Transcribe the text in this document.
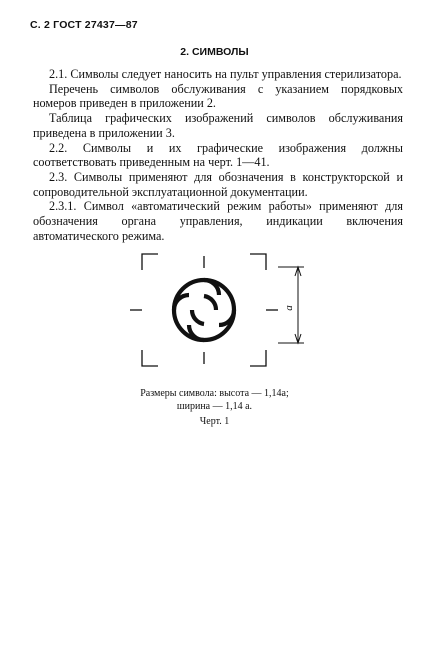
С. 2 ГОСТ 27437—87
2. СИМВОЛЫ

2.1. Символы следует наносить на пульт управления стерилизатора.

Перечень символов обслуживания с указанием порядковых номеров приведен в приложении 2.

Таблица графических изображений символов обслуживания приведена в приложении 3.

2.2. Символы и их графические изображения должны соответствовать приведенным на черт. 1—41.

2.3. Символы применяют для обозначения в конструкторской и сопроводительной эксплуатационной документации.

2.3.1. Символ «автоматический режим работы» применяют для обозначения органа управления, индикации включения автоматического режима.

a
Размеры символа: высота — 1,14a;
ширина — 1,14 a.
Черт. 1
